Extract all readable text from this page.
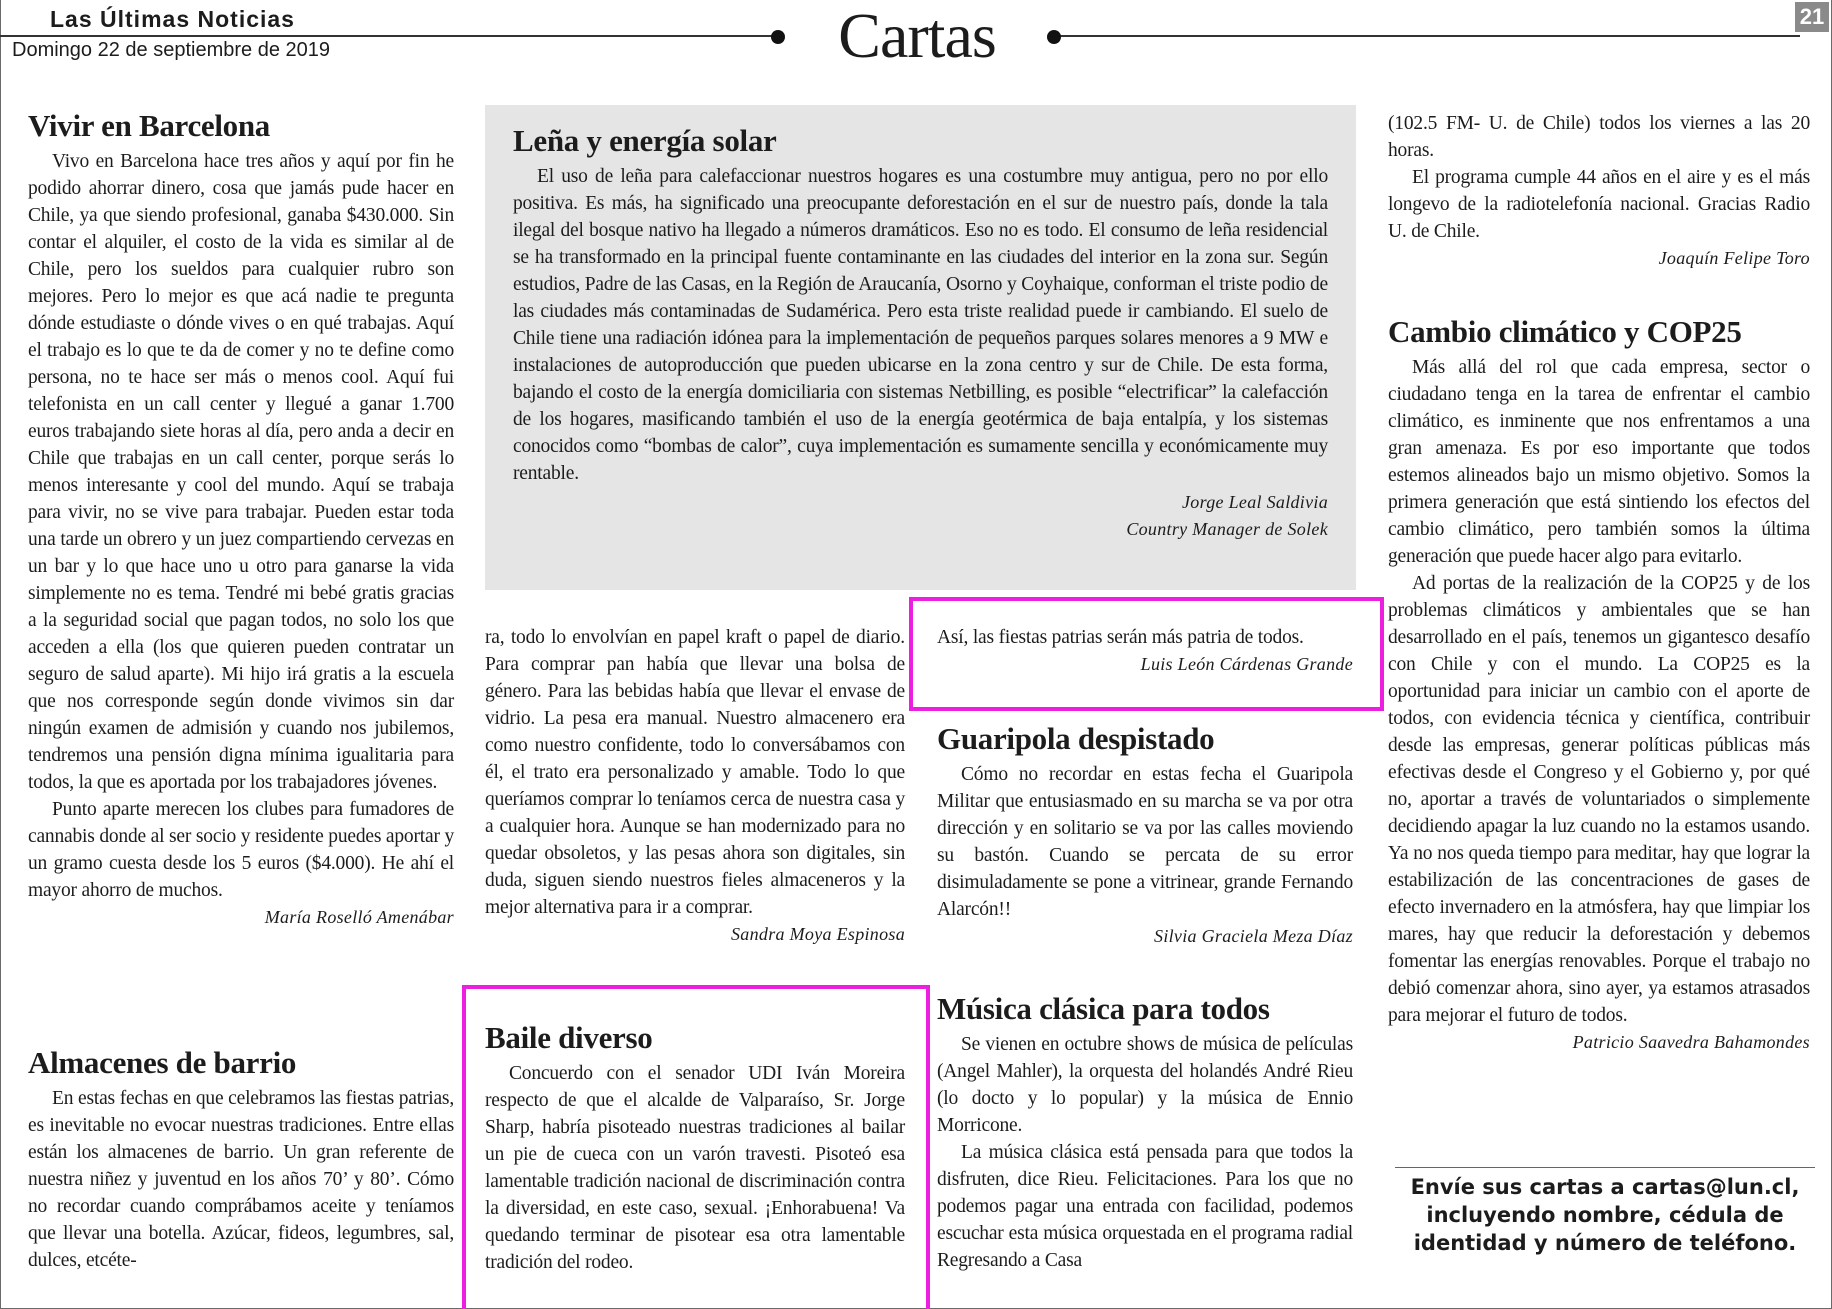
Las Últimas Noticias
Domingo 22 de septiembre de 2019	Cartas	21
Vivir en Barcelona

Vivo en Barcelona hace tres años y aquí por fin he podido ahorrar dinero, cosa que jamás pude hacer en Chile, ya que siendo profesional, ganaba $430.000. Sin contar el alquiler, el costo de la vida es similar al de Chile, pero los sueldos para cualquier rubro son mejores. Pero lo mejor es que acá nadie te pregunta dónde estudiaste o dónde vives o en qué trabajas. Aquí el trabajo es lo que te da de comer y no te define como persona, no te hace ser más o menos cool. Aquí fui telefonista en un call center y llegué a ganar 1.700 euros trabajando siete horas al día, pero anda a decir en Chile que trabajas en un call center, porque serás lo menos interesante y cool del mundo. Aquí se trabaja para vivir, no se vive para trabajar. Pueden estar toda una tarde un obrero y un juez compartiendo cervezas en un bar y lo que hace uno u otro para ganarse la vida simplemente no es tema. Tendré mi bebé gratis gracias a la seguridad social que pagan todos, no solo los que acceden a ella (los que quieren pueden contratar un seguro de salud aparte). Mi hijo irá gratis a la escuela que nos corresponde según donde vivimos sin dar ningún examen de admisión y cuando nos jubilemos, tendremos una pensión digna mínima igualitaria para todos, la que es aportada por los trabajadores jóvenes.

Punto aparte merecen los clubes para fumadores de cannabis donde al ser socio y residente puedes aportar y un gramo cuesta desde los 5 euros ($4.000). He ahí el mayor ahorro de muchos.

María Roselló Amenábar
Almacenes de barrio

En estas fechas en que celebramos las fiestas patrias, es inevitable no evocar nuestras tradiciones. Entre ellas están los almacenes de barrio. Un gran referente de nuestra niñez y juventud en los años 70’ y 80’. Cómo no recordar cuando comprábamos aceite y teníamos que llevar una botella. Azúcar, fideos, legumbres, sal, dulces, etcéte-

Leña y energía solar

El uso de leña para calefaccionar nuestros hogares es una costumbre muy antigua, pero no por ello positiva. Es más, ha significado una preocupante deforestación en el sur de nuestro país, donde la tala ilegal del bosque nativo ha llegado a números dramáticos. Eso no es todo. El consumo de leña residencial se ha transformado en la principal fuente contaminante en las ciudades del interior en la zona sur. Según estudios, Padre de las Casas, en la Región de Araucanía, Osorno y Coyhaique, conforman el triste podio de las ciudades más contaminadas de Sudamérica. Pero esta triste realidad puede ir cambiando. El suelo de Chile tiene una radiación idónea para la implementación de pequeños parques solares menores a 9 MW e instalaciones de autoproducción que pueden ubicarse en la zona centro y sur de Chile. De esta forma, bajando el costo de la energía domiciliaria con sistemas Netbilling, es posible “electrificar” la calefacción de los hogares, masificando también el uso de la energía geotérmica de baja entalpía, y los sistemas conocidos como “bombas de calor”, cuya implementación es sumamente sencilla y económicamente muy rentable.

Jorge Leal Saldivia
Country Manager de Solek

ra, todo lo envolvían en papel kraft o papel de diario. Para comprar pan había que llevar una bolsa de género. Para las bebidas había que llevar el envase de vidrio. La pesa era manual. Nuestro almacenero era como nuestro confidente, todo lo conversábamos con él, el trato era personalizado y amable. Todo lo que queríamos comprar lo teníamos cerca de nuestra casa y a cualquier hora. Aunque se han modernizado para no quedar obsoletos, y las pesas ahora son digitales, sin duda, siguen siendo nuestros fieles almaceneros y la mejor alternativa para ir a comprar.

Sandra Moya Espinosa

Así, las fiestas patrias serán más patria de todos.

Luis León Cárdenas Grande
Guaripola despistado

Cómo no recordar en estas fecha el Guaripola Militar que entusiasmado en su marcha se va por otra dirección y en solitario se va por las calles moviendo su bastón. Cuando se percata de su error disimuladamente se pone a vitrinear, grande Fernando Alarcón!!

Silvia Graciela Meza Díaz
Baile diverso

Concuerdo con el senador UDI Iván Moreira respecto de que el alcalde de Valparaíso, Sr. Jorge Sharp, habría pisoteado nuestras tradiciones al bailar un pie de cueca con un varón travesti. Pisoteó esa lamentable tradición nacional de discriminación contra la diversidad, en este caso, sexual. ¡Enhorabuena! Va quedando terminar de pisotear esa otra lamentable tradición del rodeo.

Música clásica para todos

Se vienen en octubre shows de música de películas (Angel Mahler), la orquesta del holandés André Rieu (lo docto y lo popular) y la música de Ennio Morricone.

La música clásica está pensada para que todos la disfruten, dice Rieu. Felicitaciones. Para los que no podemos pagar una entrada con facilidad, podemos escuchar esta música orquestada en el programa radial Regresando a Casa

(102.5 FM- U. de Chile) todos los viernes a las 20 horas.

El programa cumple 44 años en el aire y es el más longevo de la radiotelefonía nacional. Gracias Radio U. de Chile.

Joaquín Felipe Toro
Cambio climático y COP25

Más allá del rol que cada empresa, sector o ciudadano tenga en la tarea de enfrentar el cambio climático, es inminente que nos enfrentamos a una gran amenaza. Es por eso importante que todos estemos alineados bajo un mismo objetivo. Somos la primera generación que está sintiendo los efectos del cambio climático, pero también somos la última generación que puede hacer algo para evitarlo.

Ad portas de la realización de la COP25 y de los problemas climáticos y ambientales que se han desarrollado en el país, tenemos un gigantesco desafío con Chile y con el mundo. La COP25 es la oportunidad para iniciar un cambio con el aporte de todos, con evidencia técnica y científica, contribuir desde las empresas, generar políticas públicas más efectivas desde el Congreso y el Gobierno y, por qué no, aportar a través de voluntariados o simplemente decidiendo apagar la luz cuando no la estamos usando. Ya no nos queda tiempo para meditar, hay que lograr la estabilización de las concentraciones de gases de efecto invernadero en la atmósfera, hay que limpiar los mares, hay que reducir la deforestación y debemos fomentar las energías renovables. Porque el trabajo no debió comenzar ahora, sino ayer, ya estamos atrasados para mejorar el futuro de todos.

Patricio Saavedra Bahamondes
Envíe sus cartas a cartas@lun.cl, incluyendo nombre, cédula de identidad y número de teléfono.
